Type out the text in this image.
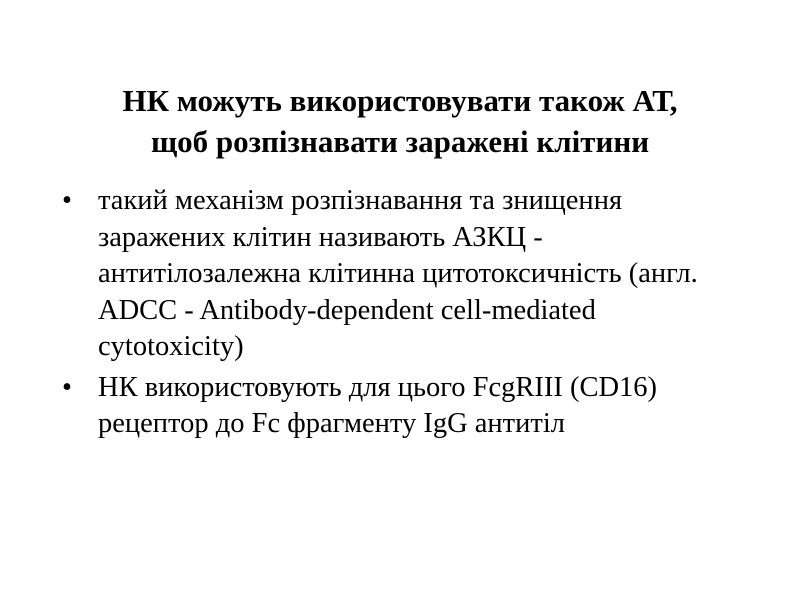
НК можуть використовувати також АТ,
щоб розпізнавати заражені клітини
• такий механізм розпізнавання та знищення заражених клітин називають АЗКЦ - антитілозалежна клітинна цитотоксичність (англ. ADCC - Antibody-dependent cell-mediated cytotoxicity)
• НК використовують для цього FcgRIII (CD16) рецептор до Fc фрагменту IgG антитіл
